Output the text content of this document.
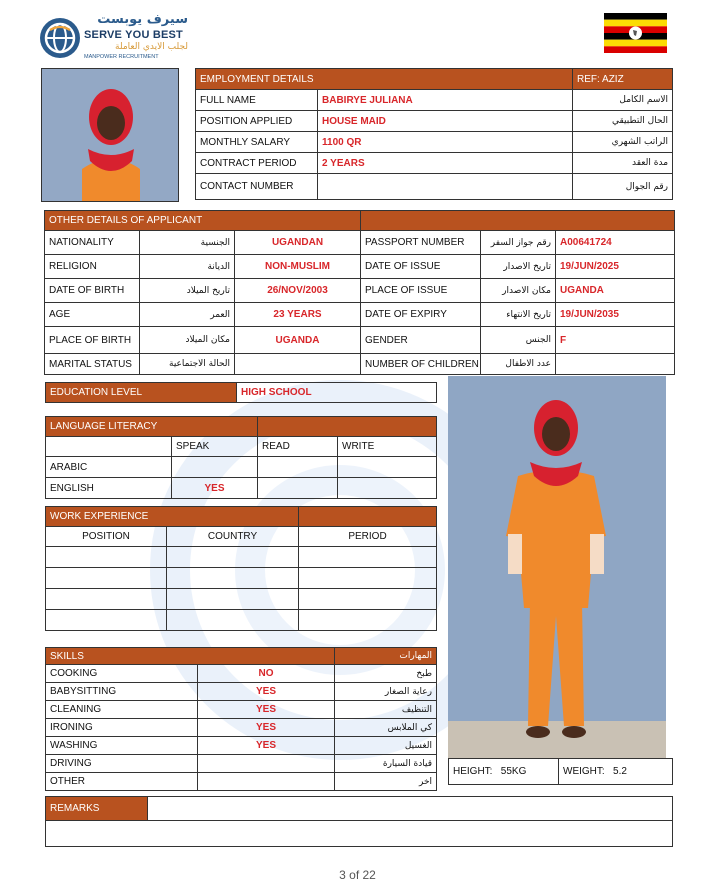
سيرف يوبست
SERVE YOU BEST
لجلب الايدي العاملة
MANPOWER RECRUITMENT
EMPLOYMENT DETAILS		REF: AZIZ
FULL NAME	BABIRYE JULIANA	الاسم الكامل
POSITION APPLIED	HOUSE MAID	الحال التطبيقي
MONTHLY SALARY	1100 QR	الراتب الشهري
CONTRACT PERIOD	2 YEARS	مدة العقد
CONTACT NUMBER		رقم الجوال
OTHER DETAILS OF APPLICANT					
NATIONALITY	الجنسية	UGANDAN	PASSPORT NUMBER	رقم جواز السفر	A00641724
RELIGION	الديانة	NON-MUSLIM	DATE OF ISSUE	تاريخ الاصدار	19/JUN/2025
DATE OF BIRTH	تاريخ الميلاد	26/NOV/2003	PLACE OF ISSUE	مكان الاصدار	UGANDA
AGE	العمر	23 YEARS	DATE OF EXPIRY	تاريخ الانتهاء	19/JUN/2035
PLACE OF BIRTH	مكان الميلاد	UGANDA	GENDER	الجنس	F
MARITAL STATUS	الحالة الاجتماعية		NUMBER OF CHILDREN	عدد الاطفال	
EDUCATION LEVEL	HIGH SCHOOL
LANGUAGE LITERACY			
	SPEAK	READ	WRITE
ARABIC			
ENGLISH	YES		
WORK EXPERIENCE		
POSITION	COUNTRY	PERIOD

SKILLS		المهارات
COOKING	NO	طبخ
BABYSITTING	YES	رعاية الصغار
CLEANING	YES	التنظيف
IRONING	YES	كي الملابس
WASHING	YES	الغسيل
DRIVING		قيادة السيارة
OTHER		اخر
HEIGHT: 55KG	WEIGHT: 5.2
REMARKS	

3 of 22
